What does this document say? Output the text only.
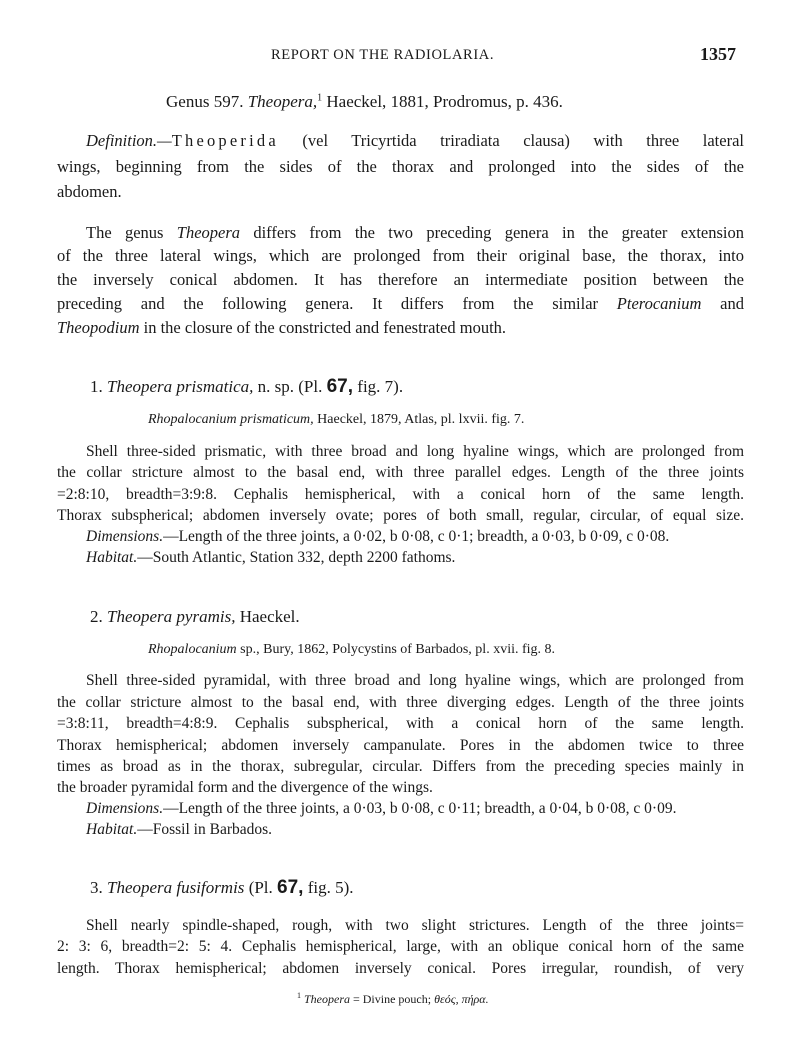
REPORT ON THE RADIOLARIA.	1357
Genus 597. Theopera,$^1$ Haeckel, 1881, Prodromus, p. 436.
Definition.—Theoperida (vel Tricyrtida triradiata clausa) with three lateral
wings, beginning from the sides of the thorax and prolonged into the sides of the
abdomen.
The genus Theopera differs from the two preceding genera in the greater extension
of the three lateral wings, which are prolonged from their original base, the thorax, into
the inversely conical abdomen. It has therefore an intermediate position between the
preceding and the following genera. It differs from the similar Pterocanium and
Theopodium in the closure of the constricted and fenestrated mouth.
1. Theopera prismatica, n. sp. (Pl. 67, fig. 7).
Rhopalocanium prismaticum, Haeckel, 1879, Atlas, pl. lxvii. fig. 7.
Shell three-sided prismatic, with three broad and long hyaline wings, which are prolonged from
the collar stricture almost to the basal end, with three parallel edges. Length of the three joints
=2:8:10, breadth=3:9:8. Cephalis hemispherical, with a conical horn of the same length.
Thorax subspherical; abdomen inversely ovate; pores of both small, regular, circular, of equal size.
Dimensions.—Length of the three joints, a 0·02, b 0·08, c 0·1; breadth, a 0·03, b 0·09, c 0·08.
Habitat.—South Atlantic, Station 332, depth 2200 fathoms.
2. Theopera pyramis, Haeckel.
Rhopalocanium sp., Bury, 1862, Polycystins of Barbados, pl. xvii. fig. 8.
Shell three-sided pyramidal, with three broad and long hyaline wings, which are prolonged from
the collar stricture almost to the basal end, with three diverging edges. Length of the three joints
=3:8:11, breadth=4:8:9. Cephalis subspherical, with a conical horn of the same length.
Thorax hemispherical; abdomen inversely campanulate. Pores in the abdomen twice to three
times as broad as in the thorax, subregular, circular. Differs from the preceding species mainly in
the broader pyramidal form and the divergence of the wings.
Dimensions.—Length of the three joints, a 0·03, b 0·08, c 0·11; breadth, a 0·04, b 0·08, c 0·09.
Habitat.—Fossil in Barbados.
3. Theopera fusiformis (Pl. 67, fig. 5).
Shell nearly spindle-shaped, rough, with two slight strictures. Length of the three joints=
2: 3: 6, breadth=2: 5: 4. Cephalis hemispherical, large, with an oblique conical horn of the same
length. Thorax hemispherical; abdomen inversely conical. Pores irregular, roundish, of very
$^1$ Theopera = Divine pouch; θεός, πήρα.
